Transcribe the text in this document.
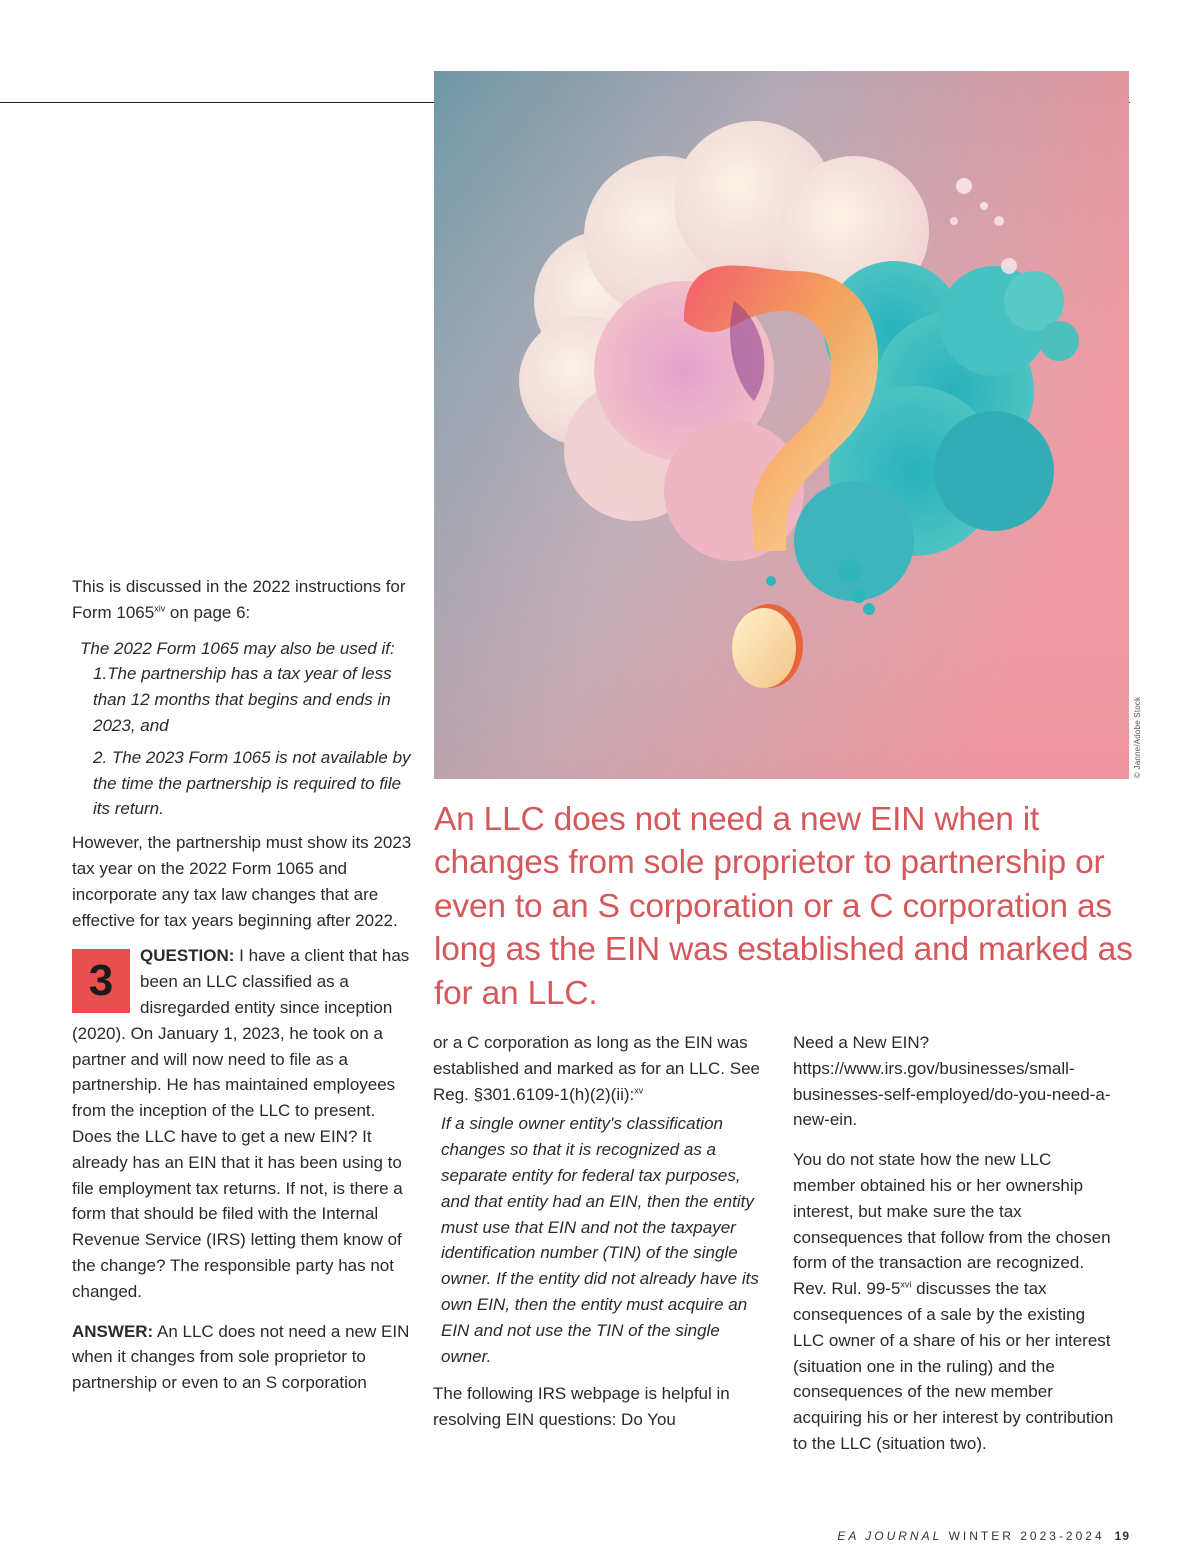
© Janne/Adobe Stock

This is discussed in the 2022 instructions for Form 1065$^{xiv}$ on page 6:

The 2022 Form 1065 may also be used if:
1.The partnership has a tax year of less than 12 months that begins and ends in 2023, and
2. The 2023 Form 1065 is not available by the time the partnership is required to file its return.

However, the partnership must show its 2023 tax year on the 2022 Form 1065 and incorporate any tax law changes that are effective for tax years beginning after 2022.

3
QUESTION: I have a client that has been an LLC classified as a disregarded entity since inception (2020). On January 1, 2023, he took on a partner and will now need to file as a partnership. He has maintained employees from the inception of the LLC to present. Does the LLC have to get a new EIN? It already has an EIN that it has been using to file employment tax returns. If not, is there a form that should be filed with the Internal Revenue Service (IRS) letting them know of the change? The responsible party has not changed.

ANSWER: An LLC does not need a new EIN when it changes from sole proprietor to partnership or even to an S corporation

An LLC does not need a new EIN when it changes from sole proprietor to partnership or even to an S corporation or a C corporation as long as the EIN was established and marked as for an LLC.

or a C corporation as long as the EIN was established and marked as for an LLC. See Reg. §301.6109-1(h)(2)(ii):$^{xv}$

If a single owner entity's classification changes so that it is recognized as a separate entity for federal tax purposes, and that entity had an EIN, then the entity must use that EIN and not the taxpayer identification number (TIN) of the single owner. If the entity did not already have its own EIN, then the entity must acquire an EIN and not use the TIN of the single owner.

The following IRS webpage is helpful in resolving EIN questions: Do You

Need a New EIN? https://www.irs.gov/businesses/small-businesses-self-employed/do-you-need-a-new-ein.

You do not state how the new LLC member obtained his or her ownership interest, but make sure the tax consequences that follow from the chosen form of the transaction are recognized. Rev. Rul. 99-5$^{xvi}$ discusses the tax consequences of a sale by the existing LLC owner of a share of his or her interest (situation one in the ruling) and the consequences of the new member acquiring his or her interest by contribution to the LLC (situation two).

EA JOURNAL WINTER 2023-2024 19
